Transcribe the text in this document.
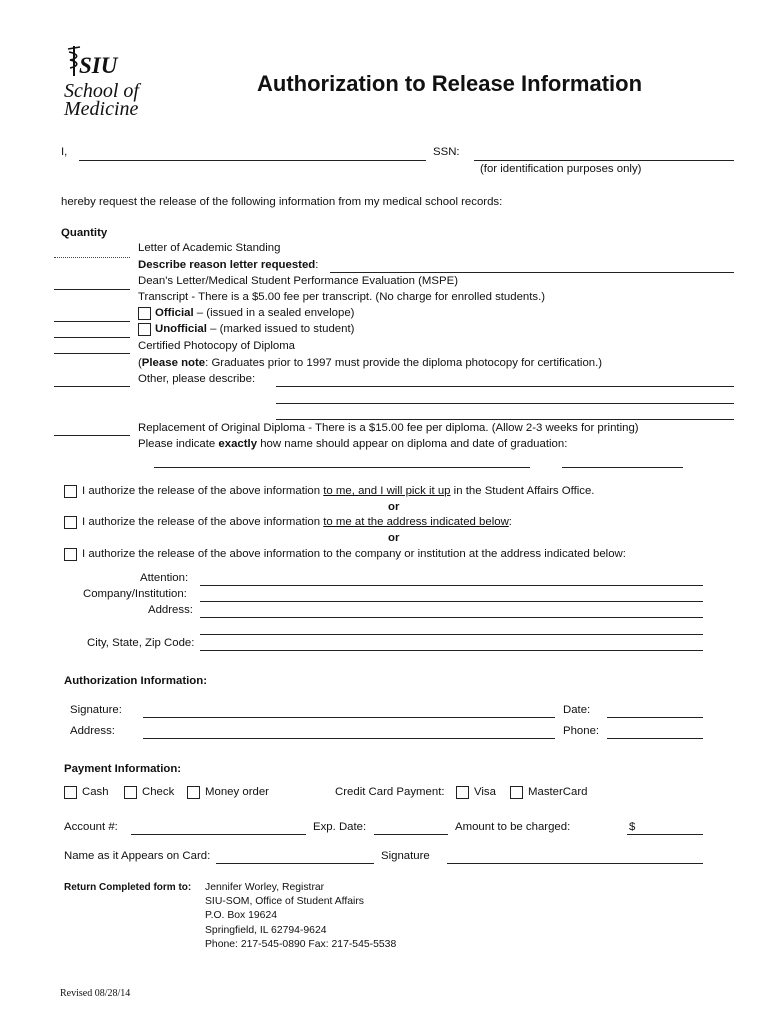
SIU
School of
Medicine
Authorization to Release Information
I,	SSN:
(for identification purposes only)
hereby request the release of the following information from my medical school records:
Quantity
Letter of Academic Standing
Describe reason letter requested:
Dean's Letter/Medical Student Performance Evaluation (MSPE)
Transcript - There is a $5.00 fee per transcript. (No charge for enrolled students.)
Official – (issued in a sealed envelope)
Unofficial – (marked issued to student)
Certified Photocopy of Diploma
(Please note: Graduates prior to 1997 must provide the diploma photocopy for certification.)
Other, please describe:
Replacement of Original Diploma - There is a $15.00 fee per diploma. (Allow 2-3 weeks for printing)
Please indicate exactly how name should appear on diploma and date of graduation:
I authorize the release of the above information to me, and I will pick it up in the Student Affairs Office.
or
I authorize the release of the above information to me at the address indicated below:
or
I authorize the release of the above information to the company or institution at the address indicated below:
Attention:
Company/Institution:
Address:
City, State, Zip Code:
Authorization Information:
Signature:	Date:
Address:	Phone:
Payment Information:
Cash	Check	Money order	Credit Card Payment:	Visa	MasterCard
Account #:	Exp. Date:	Amount to be charged:	$
Name as it Appears on Card:	Signature
Return Completed form to: Jennifer Worley, Registrar
SIU-SOM, Office of Student Affairs
P.O. Box 19624
Springfield, IL 62794-9624
Phone: 217-545-0890 Fax: 217-545-5538
Revised 08/28/14
